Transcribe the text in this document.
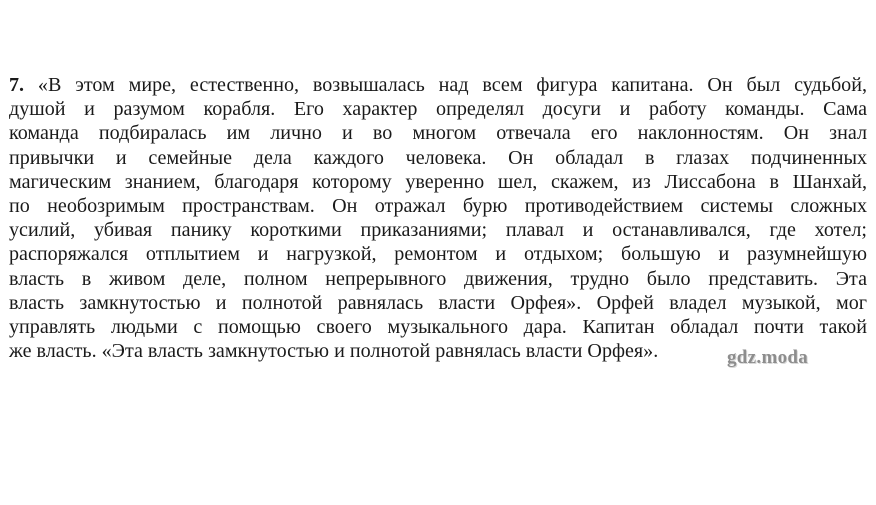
7. «В этом мире, естественно, возвышалась над всем фигура капитана. Он был судьбой,
душой и разумом корабля. Его характер определял досуги и работу команды. Сама
команда подбиралась им лично и во многом отвечала его наклонностям. Он знал
привычки и семейные дела каждого человека. Он обладал в глазах подчиненных
магическим знанием, благодаря которому уверенно шел, скажем, из Лиссабона в Шанхай,
по необозримым пространствам. Он отражал бурю противодействием системы сложных
усилий, убивая панику короткими приказаниями; плавал и останавливался, где хотел;
распоряжался отплытием и нагрузкой, ремонтом и отдыхом; большую и разумнейшую
власть в живом деле, полном непрерывного движения, трудно было представить. Эта
власть замкнутостью и полнотой равнялась власти Орфея». Орфей владел музыкой, мог
управлять людьми с помощью своего музыкального дара. Капитан обладал почти такой
же власть. «Эта власть замкнутостью и полнотой равнялась власти Орфея».	gdz.moda
